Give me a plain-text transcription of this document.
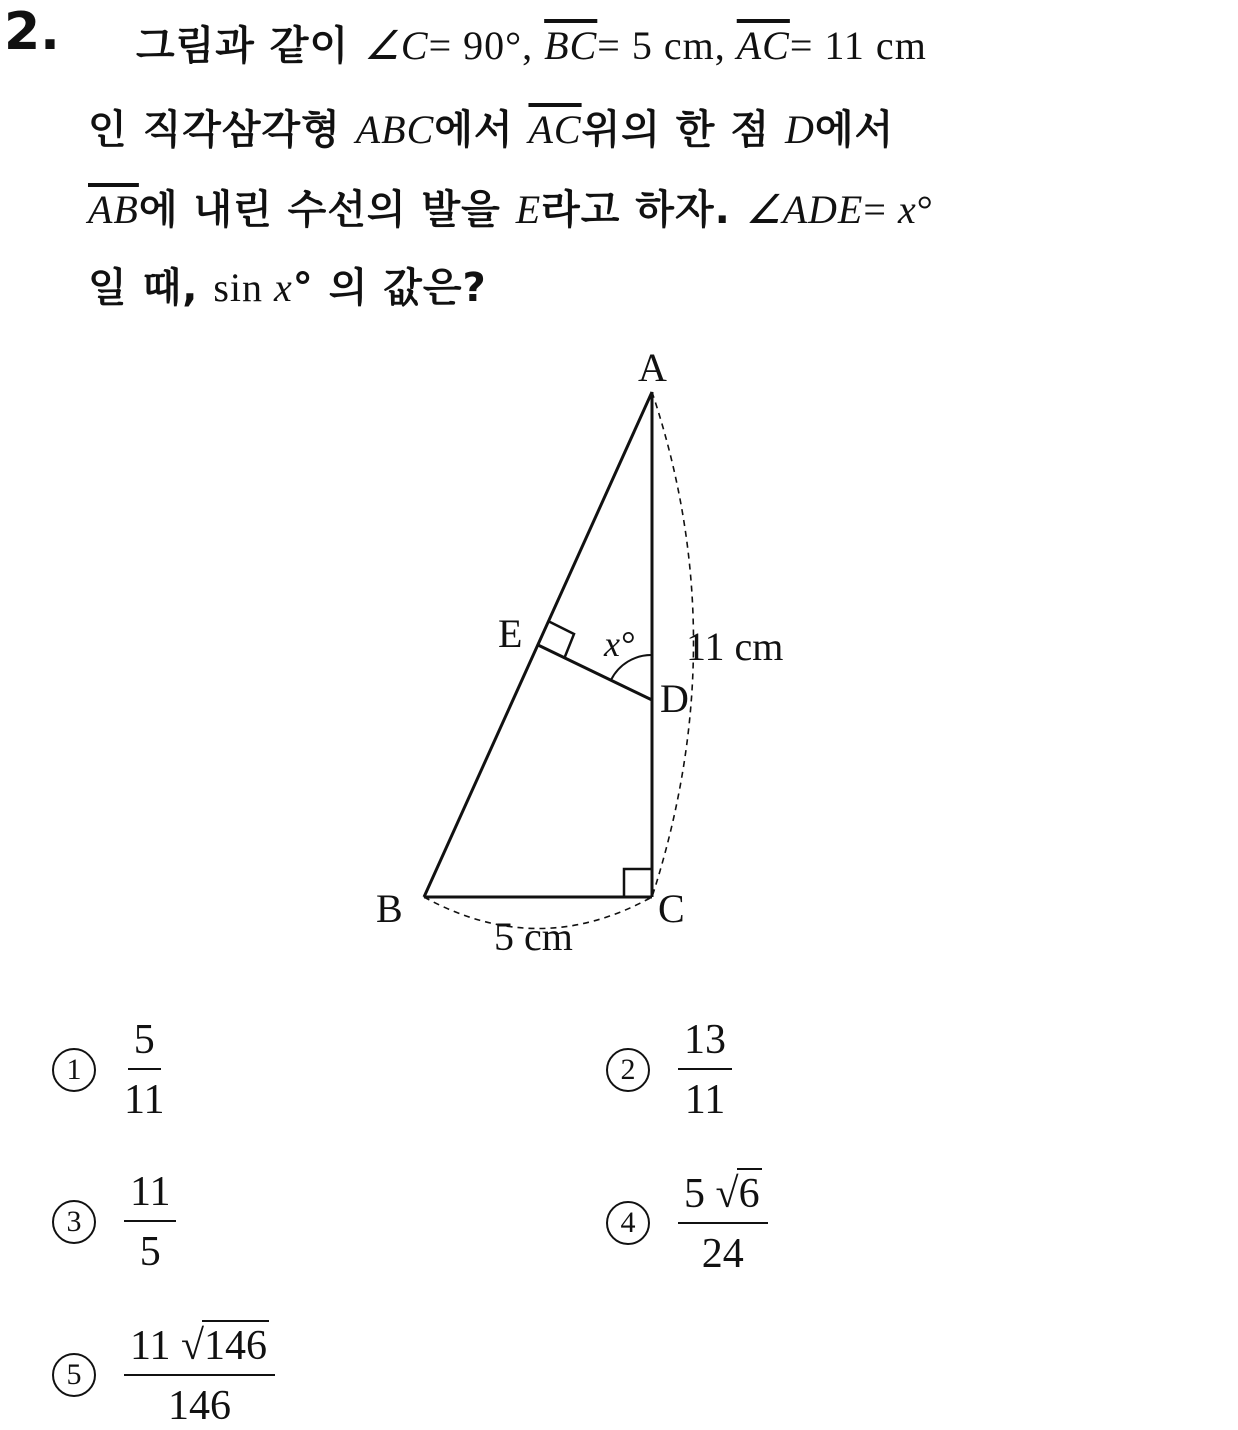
2. 그림과 같이 ∠C= 90°, $\overline{BC}= 5$ cm, $\overline{AC}= 11$ cm
인 직각삼각형 ABC에서 $\overline{AC}$위의 한 점 D에서
$\overline{AB}$에 내린 수선의 발을 E라고 하자. ∠ADE= x°
일 때, sin x° 의 값은?
A
B	C
D
E x° 11 cm
5 cm
1	$\frac{5}{11}$	2	$\frac{13}{11}$
3	$\frac{11}{5}$	4	$\frac{5 √6}{24}$
5	$\frac{11 √146}{146}$
